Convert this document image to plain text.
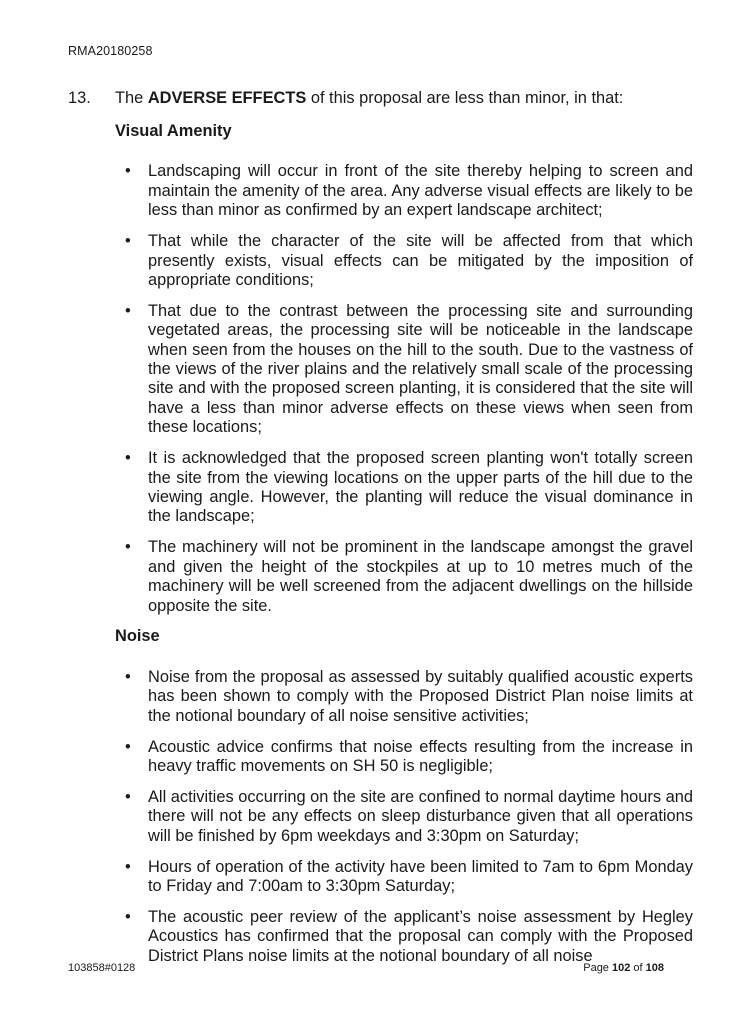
RMA20180258
13. The ADVERSE EFFECTS of this proposal are less than minor, in that:

Visual Amenity

• Landscaping will occur in front of the site thereby helping to screen and maintain the amenity of the area. Any adverse visual effects are likely to be less than minor as confirmed by an expert landscape architect;
• That while the character of the site will be affected from that which presently exists, visual effects can be mitigated by the imposition of appropriate conditions;
• That due to the contrast between the processing site and surrounding vegetated areas, the processing site will be noticeable in the landscape when seen from the houses on the hill to the south. Due to the vastness of the views of the river plains and the relatively small scale of the processing site and with the proposed screen planting, it is considered that the site will have a less than minor adverse effects on these views when seen from these locations;
• It is acknowledged that the proposed screen planting won't totally screen the site from the viewing locations on the upper parts of the hill due to the viewing angle. However, the planting will reduce the visual dominance in the landscape;
• The machinery will not be prominent in the landscape amongst the gravel and given the height of the stockpiles at up to 10 metres much of the machinery will be well screened from the adjacent dwellings on the hillside opposite the site.

Noise

• Noise from the proposal as assessed by suitably qualified acoustic experts has been shown to comply with the Proposed District Plan noise limits at the notional boundary of all noise sensitive activities;
• Acoustic advice confirms that noise effects resulting from the increase in heavy traffic movements on SH 50 is negligible;
• All activities occurring on the site are confined to normal daytime hours and there will not be any effects on sleep disturbance given that all operations will be finished by 6pm weekdays and 3:30pm on Saturday;
• Hours of operation of the activity have been limited to 7am to 6pm Monday to Friday and 7:00am to 3:30pm Saturday;
• The acoustic peer review of the applicant’s noise assessment by Hegley Acoustics has confirmed that the proposal can comply with the Proposed District Plans noise limits at the notional boundary of all noise
103858#0128	Page 102 of 108
